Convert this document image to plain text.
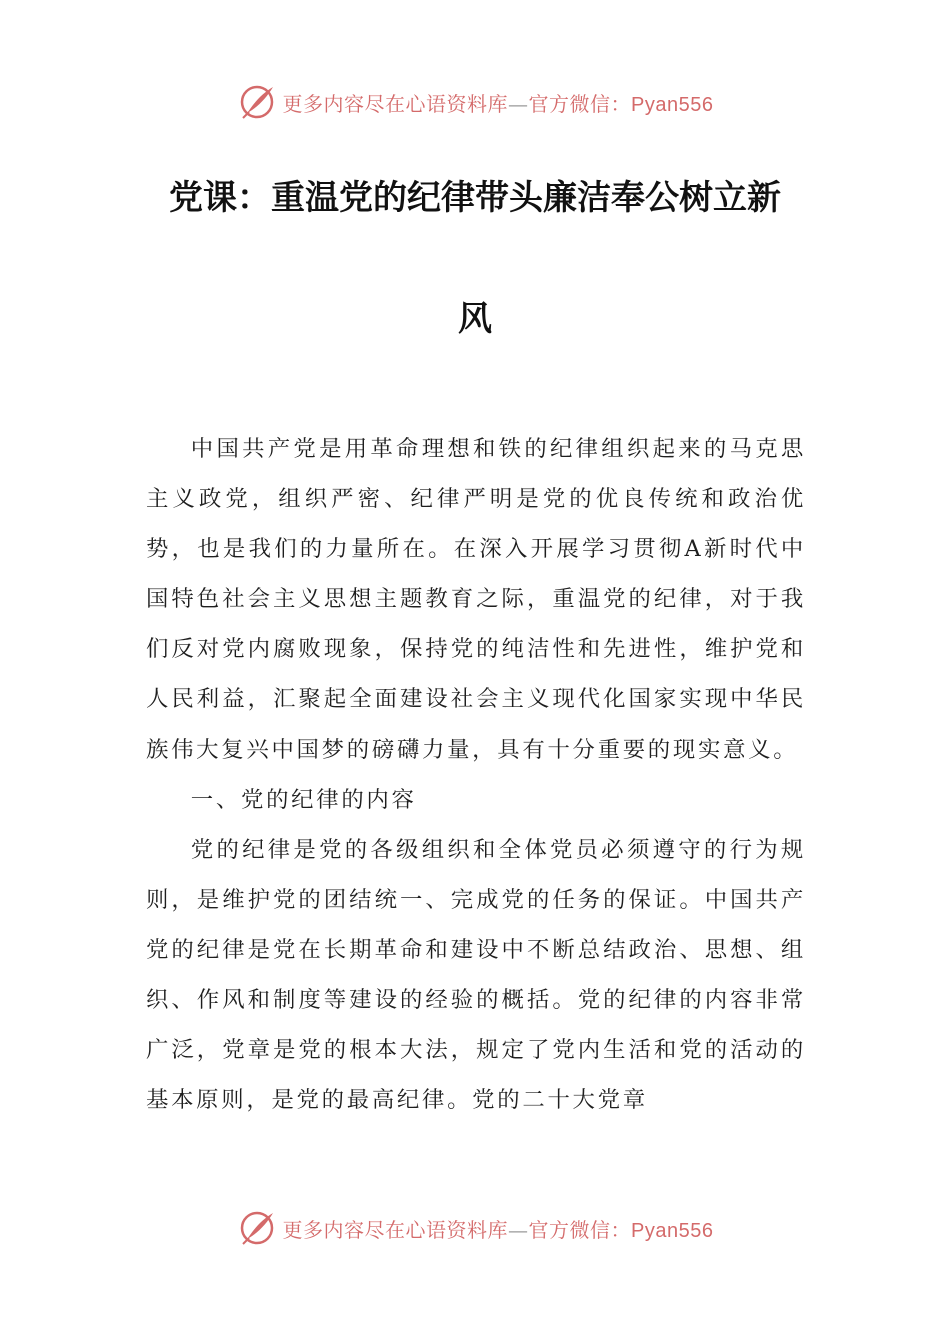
更多内容尽在心语资料库—官方微信：Pyan556
党课：重温党的纪律带头廉洁奉公树立新
风

中国共产党是用革命理想和铁的纪律组织起来的马克思主义政党，组织严密、纪律严明是党的优良传统和政治优势，也是我们的力量所在。在深入开展学习贯彻A新时代中国特色社会主义思想主题教育之际，重温党的纪律，对于我们反对党内腐败现象，保持党的纯洁性和先进性，维护党和人民利益，汇聚起全面建设社会主义现代化国家实现中华民族伟大复兴中国梦的磅礴力量，具有十分重要的现实意义。

一、党的纪律的内容

党的纪律是党的各级组织和全体党员必须遵守的行为规则，是维护党的团结统一、完成党的任务的保证。中国共产党的纪律是党在长期革命和建设中不断总结政治、思想、组织、作风和制度等建设的经验的概括。党的纪律的内容非常广泛，党章是党的根本大法，规定了党内生活和党的活动的基本原则，是党的最高纪律。党的二十大党章

更多内容尽在心语资料库—官方微信：Pyan556
